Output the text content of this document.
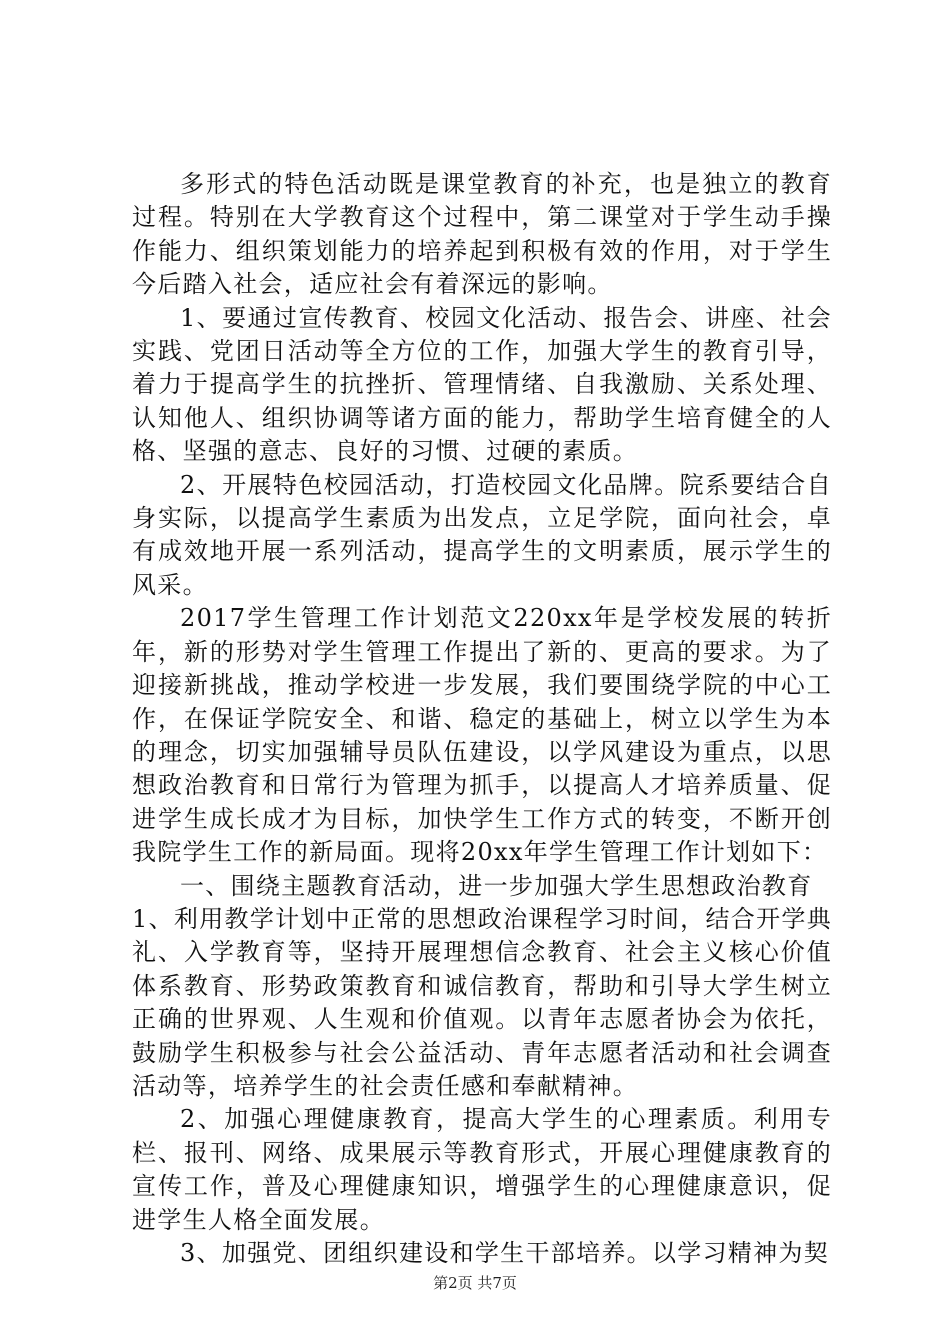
多形式的特色活动既是课堂教育的补充，也是独立的教育过程。特别在大学教育这个过程中，第二课堂对于学生动手操作能力、组织策划能力的培养起到积极有效的作用，对于学生今后踏入社会，适应社会有着深远的影响。

1、要通过宣传教育、校园文化活动、报告会、讲座、社会实践、党团日活动等全方位的工作，加强大学生的教育引导，着力于提高学生的抗挫折、管理情绪、自我激励、关系处理、认知他人、组织协调等诸方面的能力，帮助学生培育健全的人格、坚强的意志、良好的习惯、过硬的素质。

2、开展特色校园活动，打造校园文化品牌。院系要结合自身实际，以提高学生素质为出发点，立足学院，面向社会，卓有成效地开展一系列活动，提高学生的文明素质，展示学生的风采。

2017学生管理工作计划范文220xx年是学校发展的转折年，新的形势对学生管理工作提出了新的、更高的要求。为了迎接新挑战，推动学校进一步发展，我们要围绕学院的中心工作，在保证学院安全、和谐、稳定的基础上，树立以学生为本的理念，切实加强辅导员队伍建设，以学风建设为重点，以思想政治教育和日常行为管理为抓手，以提高人才培养质量、促进学生成长成才为目标，加快学生工作方式的转变，不断开创我院学生工作的新局面。现将20xx年学生管理工作计划如下：

一、围绕主题教育活动，进一步加强大学生思想政治教育

1、利用教学计划中正常的思想政治课程学习时间，结合开学典礼、入学教育等，坚持开展理想信念教育、社会主义核心价值体系教育、形势政策教育和诚信教育，帮助和引导大学生树立正确的世界观、人生观和价值观。以青年志愿者协会为依托，鼓励学生积极参与社会公益活动、青年志愿者活动和社会调查活动等，培养学生的社会责任感和奉献精神。

2、加强心理健康教育，提高大学生的心理素质。利用专栏、报刊、网络、成果展示等教育形式，开展心理健康教育的宣传工作，普及心理健康知识，增强学生的心理健康意识，促进学生人格全面发展。

3、加强党、团组织建设和学生干部培养。以学习精神为契

第2页 共7页
